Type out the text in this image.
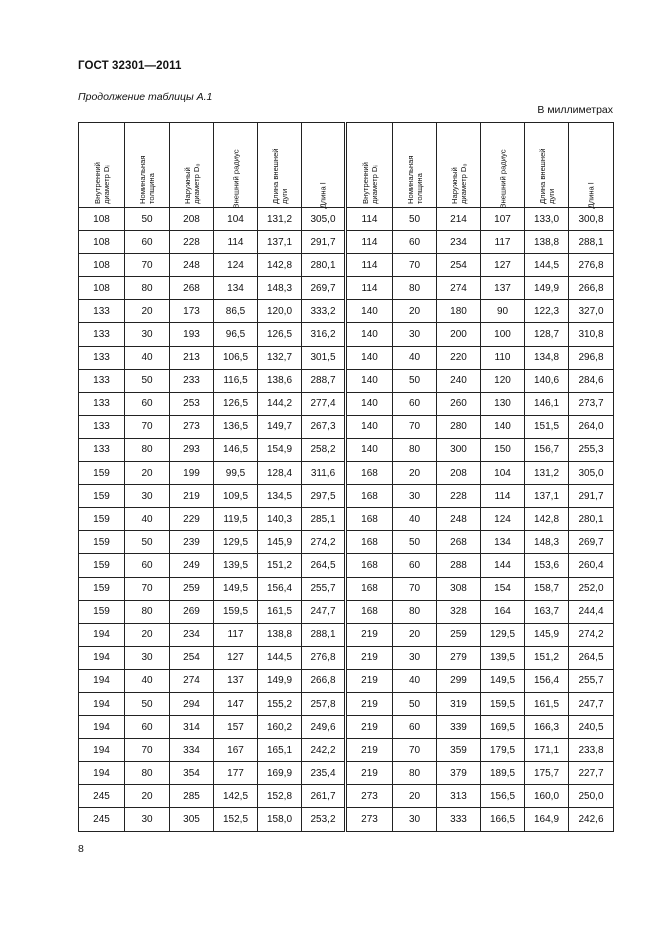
ГОСТ 32301—2011
Продолжение таблицы А.1
В миллиметрах
Внутренний диаметр Dᵢ	Номинальная толщина	Наружный диаметр D₀	Внешний радиус	Длина внешней дуги	Длина l	Внутренний диаметр Dᵢ	Номинальная толщина	Наружный диаметр D₀	Внешний радиус	Длина внешней дуги	Длина l

108	50	208	104	131,2	305,0	114	50	214	107	133,0	300,8
108	60	228	114	137,1	291,7	114	60	234	117	138,8	288,1
108	70	248	124	142,8	280,1	114	70	254	127	144,5	276,8
108	80	268	134	148,3	269,7	114	80	274	137	149,9	266,8
133	20	173	86,5	120,0	333,2	140	20	180	90	122,3	327,0
133	30	193	96,5	126,5	316,2	140	30	200	100	128,7	310,8
133	40	213	106,5	132,7	301,5	140	40	220	110	134,8	296,8
133	50	233	116,5	138,6	288,7	140	50	240	120	140,6	284,6
133	60	253	126,5	144,2	277,4	140	60	260	130	146,1	273,7
133	70	273	136,5	149,7	267,3	140	70	280	140	151,5	264,0
133	80	293	146,5	154,9	258,2	140	80	300	150	156,7	255,3
159	20	199	99,5	128,4	311,6	168	20	208	104	131,2	305,0
159	30	219	109,5	134,5	297,5	168	30	228	114	137,1	291,7
159	40	229	119,5	140,3	285,1	168	40	248	124	142,8	280,1
159	50	239	129,5	145,9	274,2	168	50	268	134	148,3	269,7
159	60	249	139,5	151,2	264,5	168	60	288	144	153,6	260,4
159	70	259	149,5	156,4	255,7	168	70	308	154	158,7	252,0
159	80	269	159,5	161,5	247,7	168	80	328	164	163,7	244,4
194	20	234	117	138,8	288,1	219	20	259	129,5	145,9	274,2
194	30	254	127	144,5	276,8	219	30	279	139,5	151,2	264,5
194	40	274	137	149,9	266,8	219	40	299	149,5	156,4	255,7
194	50	294	147	155,2	257,8	219	50	319	159,5	161,5	247,7
194	60	314	157	160,2	249,6	219	60	339	169,5	166,3	240,5
194	70	334	167	165,1	242,2	219	70	359	179,5	171,1	233,8
194	80	354	177	169,9	235,4	219	80	379	189,5	175,7	227,7
245	20	285	142,5	152,8	261,7	273	20	313	156,5	160,0	250,0
245	30	305	152,5	158,0	253,2	273	30	333	166,5	164,9	242,6
8
